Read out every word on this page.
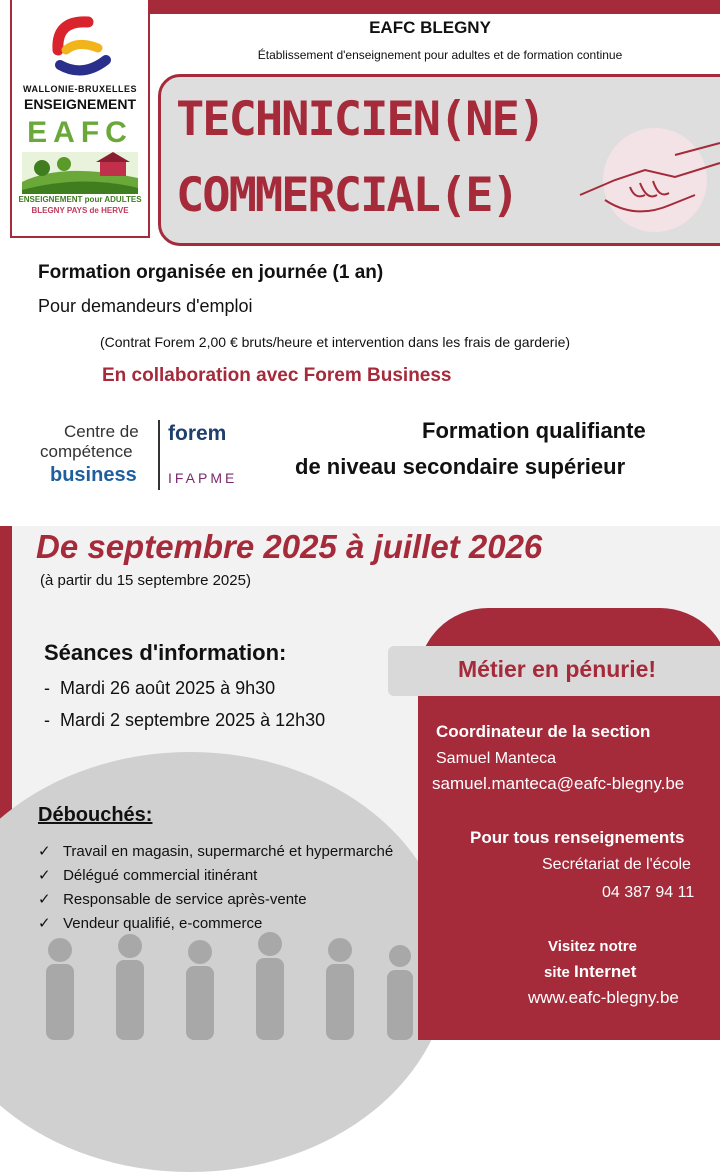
WALLONIE-BRUXELLES
ENSEIGNEMENT
EAFC
ENSEIGNEMENT pour ADULTES
BLEGNY PAYS de HERVE
EAFC BLEGNY
Établissement d'enseignement pour adultes et de formation continue
TECHNICIEN(NE)
COMMERCIAL(E)
Formation organisée en journée (1 an)
Pour demandeurs d'emploi
(Contrat Forem 2,00 € bruts/heure et intervention dans les frais de garderie)
En collaboration avec Forem Business
Centre de
compétence
business
forem
IFAPME
Formation qualifiante
de niveau secondaire supérieur
De septembre 2025 à juillet 2026
(à partir du 15 septembre 2025)
Séances d'information:
-  Mardi 26 août 2025 à 9h30
-  Mardi 2 septembre 2025 à 12h30
Débouchés:
✓   Travail en magasin, supermarché et hypermarché
✓   Délégué commercial itinérant
✓   Responsable de service après-vente
✓   Vendeur qualifié, e-commerce
Métier en pénurie!
Coordinateur de la section
Samuel Manteca
samuel.manteca@eafc-blegny.be
Pour tous renseignements
Secrétariat de l'école
04 387 94 11
Visitez notre
site Internet
www.eafc-blegny.be
